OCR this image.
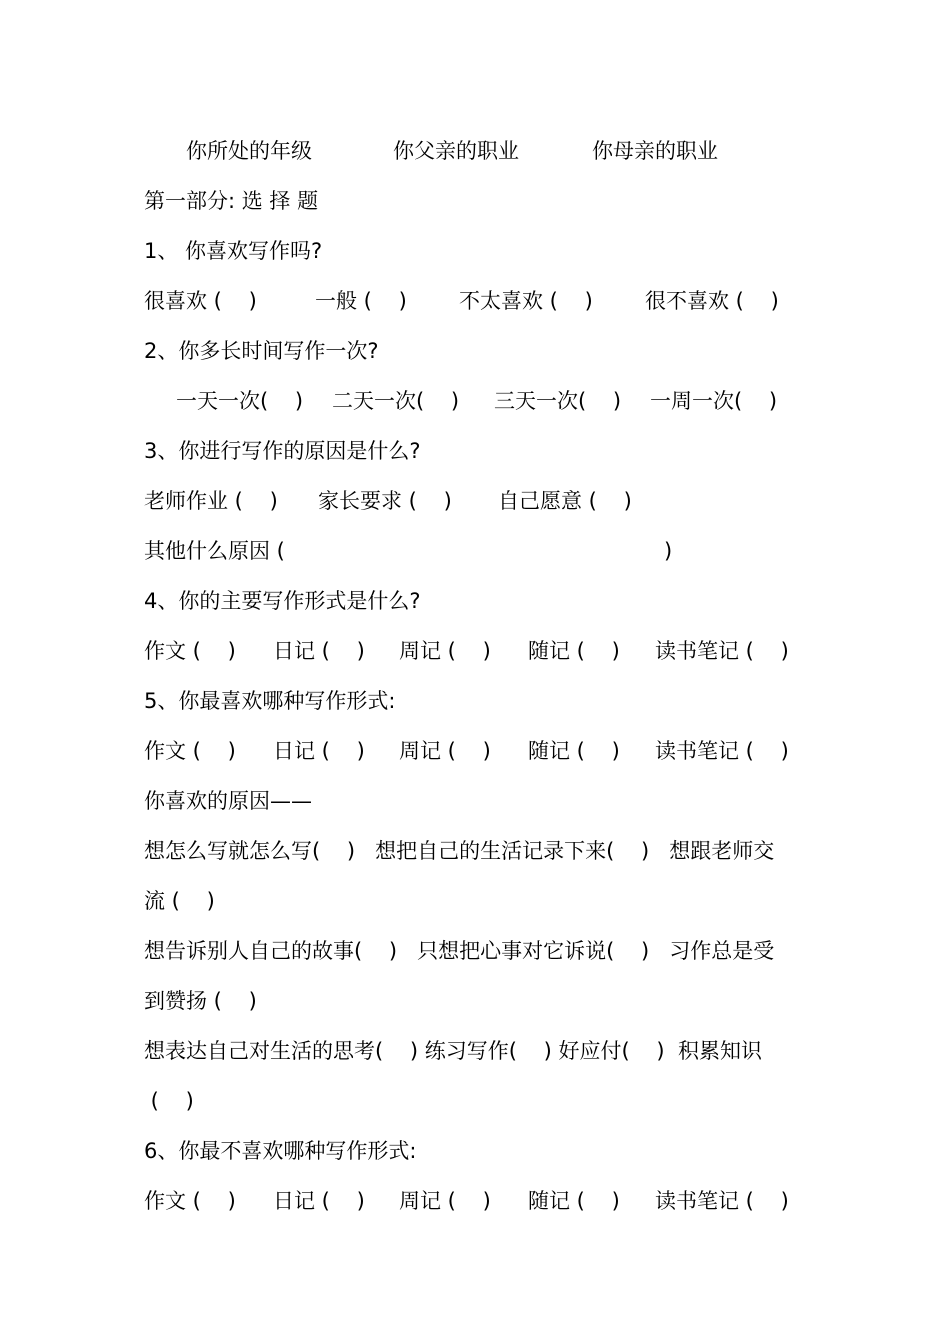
你所处的年级	你父亲的职业	你母亲的职业
第一部分: 选 择 题
1、 你喜欢写作吗?
很喜欢 (    )	一般 (    ) 不太喜欢 (    ) 很不喜欢 (    )
2、你多长时间写作一次?
一天一次(    ) 二天一次(    ) 三天一次(    ) 一周一次(    )
3、你进行写作的原因是什么?
老师作业 (    ) 家长要求 (    ) 自己愿意 (    )
其他什么原因 (	)
4、你的主要写作形式是什么?
作文 (    ) 日记 (    ) 周记 (    ) 随记 (    ) 读书笔记 (    )
5、你最喜欢哪种写作形式:
作文 (    ) 日记 (    ) 周记 (    ) 随记 (    ) 读书笔记 (    )
你喜欢的原因——
想怎么写就怎么写(    )   想把自己的生活记录下来(    )   想跟老师交
流 (    )
想告诉别人自己的故事(    )   只想把心事对它诉说(    )   习作总是受
到赞扬 (    )
想表达自己对生活的思考(    ) 练习写作(    ) 好应付(    )  积累知识
(    )
6、你最不喜欢哪种写作形式:
作文 (    ) 日记 (    ) 周记 (    ) 随记 (    ) 读书笔记 (    )
